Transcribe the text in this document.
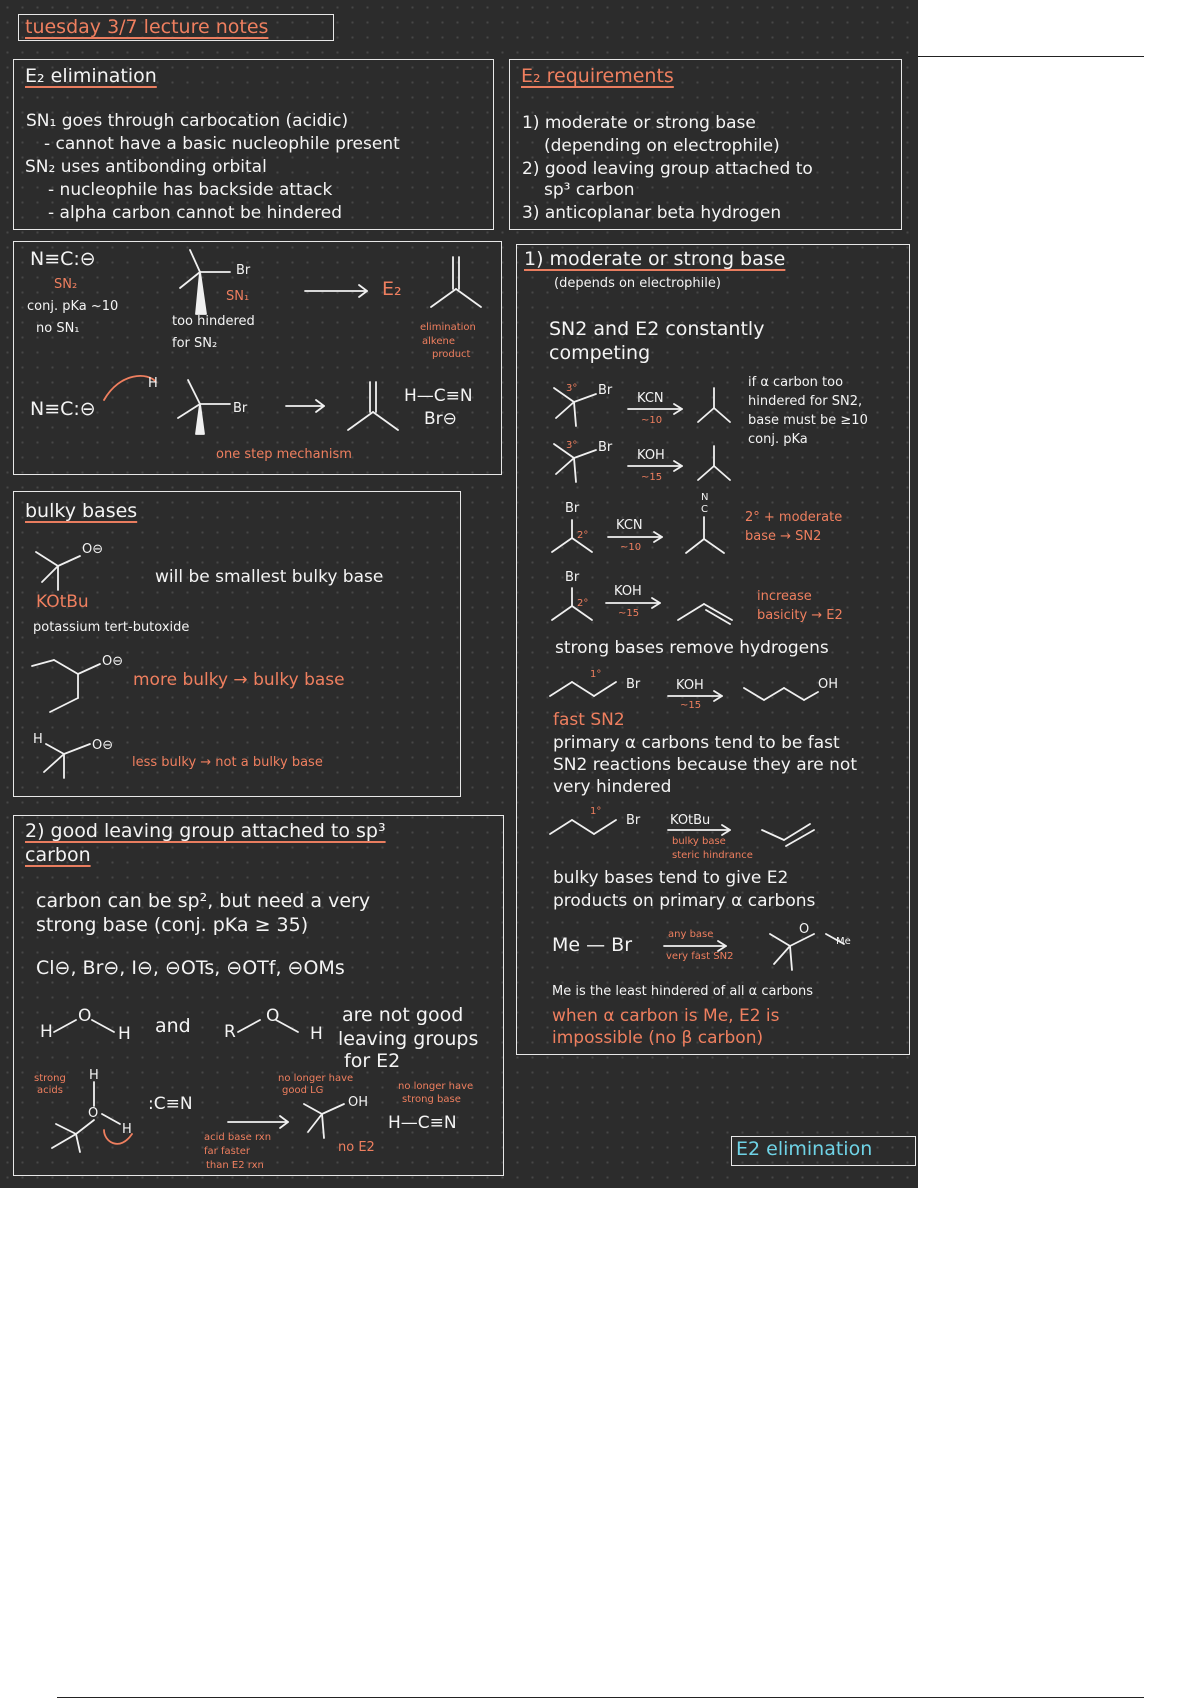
tuesday 3/7 lecture notes
E₂ elimination
SN₁ goes through carbocation (acidic)
- cannot have a basic nucleophile present
SN₂ uses antibonding orbital
- nucleophile has backside attack
- alpha carbon cannot be hindered
E₂ requirements
1) moderate or strong base
(depending on electrophile)
2) good leaving group attached to
sp³ carbon
3) anticoplanar beta hydrogen
N≡C:⊖
SN₂
conj. pKa ~10
no SN₁
Br
SN₁
too hindered
for SN₂
E₂
elimination
alkene
product
N≡C:⊖
H
Br
H—C≡N
Br⊖
one step mechanism
bulky bases
O⊖
will be smallest bulky base
KOtBu
potassium tert-butoxide
O⊖
more bulky → bulky base
H	O⊖
less bulky → not a bulky base
2) good leaving group attached to sp³
carbon
carbon can be sp², but need a very
strong base (conj. pKa ≥ 35)
Cl⊖, Br⊖, I⊖, ⊖OTs, ⊖OTf, ⊖OMs
H
O
H and R
O
H
are not good
leaving groups
for E2
strong
acids
H
O
H
:C≡N
acid base rxn
far faster
than E2 rxn
no longer have
good LG
OH
no E2
no longer have
strong base
H—C≡N
1) moderate or strong base
(depends on electrophile)
SN2 and E2 constantly
competing
3° Br
KCN
~10
if α carbon too
hindered for SN2,
base must be ≥10
conj. pKa
3° Br
KOH
~15
Br
2°
KCN
~10
N
C
2° + moderate
base → SN2
Br
2°
KOH
~15
increase
basicity → E2
strong bases remove hydrogens
1°
Br	KOH
~15
OH
fast SN2
primary α carbons tend to be fast
SN2 reactions because they are not
very hindered
1°
Br KOtBu
bulky base
steric hindrance
bulky bases tend to give E2
products on primary α carbons
Me — Br	any base
very fast SN2
O
Me
Me is the least hindered of all α carbons
when α carbon is Me, E2 is
impossible (no β carbon)
E2 elimination
